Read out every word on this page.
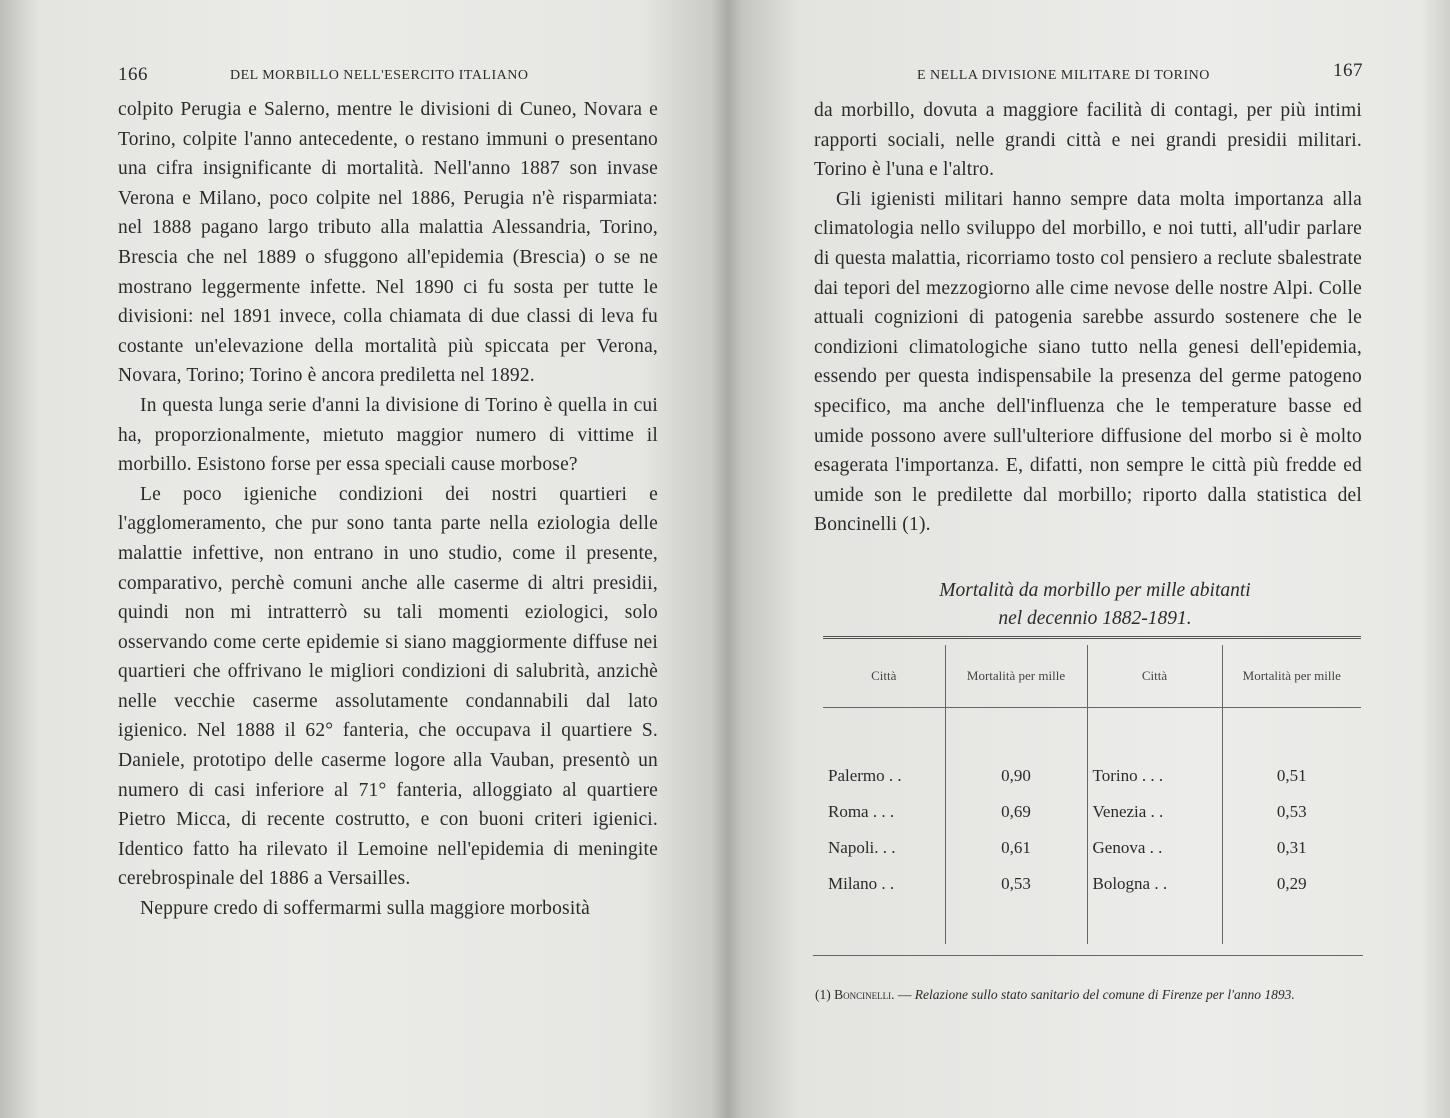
166	DEL MORBILLO NELL'ESERCITO ITALIANO

colpito Perugia e Salerno, mentre le divisioni di Cuneo, Novara e Torino, colpite l'anno antecedente, o restano immuni o presentano una cifra insignificante di mortalità. Nell'anno 1887 son invase Verona e Milano, poco colpite nel 1886, Perugia n'è risparmiata: nel 1888 pagano largo tributo alla malattia Alessandria, Torino, Brescia che nel 1889 o sfuggono all'epidemia (Brescia) o se ne mostrano leggermente infette. Nel 1890 ci fu sosta per tutte le divisioni: nel 1891 invece, colla chiamata di due classi di leva fu costante un'elevazione della mortalità più spiccata per Verona, Novara, Torino; Torino è ancora prediletta nel 1892.

In questa lunga serie d'anni la divisione di Torino è quella in cui ha, proporzionalmente, mietuto maggior numero di vittime il morbillo. Esistono forse per essa speciali cause morbose?

Le poco igieniche condizioni dei nostri quartieri e l'agglomeramento, che pur sono tanta parte nella eziologia delle malattie infettive, non entrano in uno studio, come il presente, comparativo, perchè comuni anche alle caserme di altri presidii, quindi non mi intratterrò su tali momenti eziologici, solo osservando come certe epidemie si siano maggiormente diffuse nei quartieri che offrivano le migliori condizioni di salubrità, anzichè nelle vecchie caserme assolutamente condannabili dal lato igienico. Nel 1888 il 62° fanteria, che occupava il quartiere S. Daniele, prototipo delle caserme logore alla Vauban, presentò un numero di casi inferiore al 71° fanteria, alloggiato al quartiere Pietro Micca, di recente costrutto, e con buoni criteri igienici. Identico fatto ha rilevato il Lemoine nell'epidemia di meningite cerebrospinale del 1886 a Versailles.

Neppure credo di soffermarmi sulla maggiore morbosità

E NELLA DIVISIONE MILITARE DI TORINO	167

da morbillo, dovuta a maggiore facilità di contagi, per più intimi rapporti sociali, nelle grandi città e nei grandi presidii militari. Torino è l'una e l'altro.

Gli igienisti militari hanno sempre data molta importanza alla climatologia nello sviluppo del morbillo, e noi tutti, all'udir parlare di questa malattia, ricorriamo tosto col pensiero a reclute sbalestrate dai tepori del mezzogiorno alle cime nevose delle nostre Alpi. Colle attuali cognizioni di patogenia sarebbe assurdo sostenere che le condizioni climatologiche siano tutto nella genesi dell'epidemia, essendo per questa indispensabile la presenza del germe patogeno specifico, ma anche dell'influenza che le temperature basse ed umide possono avere sull'ulteriore diffusione del morbo si è molto esagerata l'importanza. E, difatti, non sempre le città più fredde ed umide son le predilette dal morbillo; riporto dalla statistica del Boncinelli (1).

Mortalità da morbillo per mille abitanti
nel decennio 1882-1891.
Città	Mortalità per mille	Città	Mortalità per mille

Palermo . .	0,90	Torino . . .	0,51
Roma . . .	0,69	Venezia . .	0,53
Napoli. . .	0,61	Genova . .	0,31
Milano . .	0,53	Bologna . .	0,29

(1) Boncinelli. — Relazione sullo stato sanitario del comune di Firenze per l'anno 1893.
